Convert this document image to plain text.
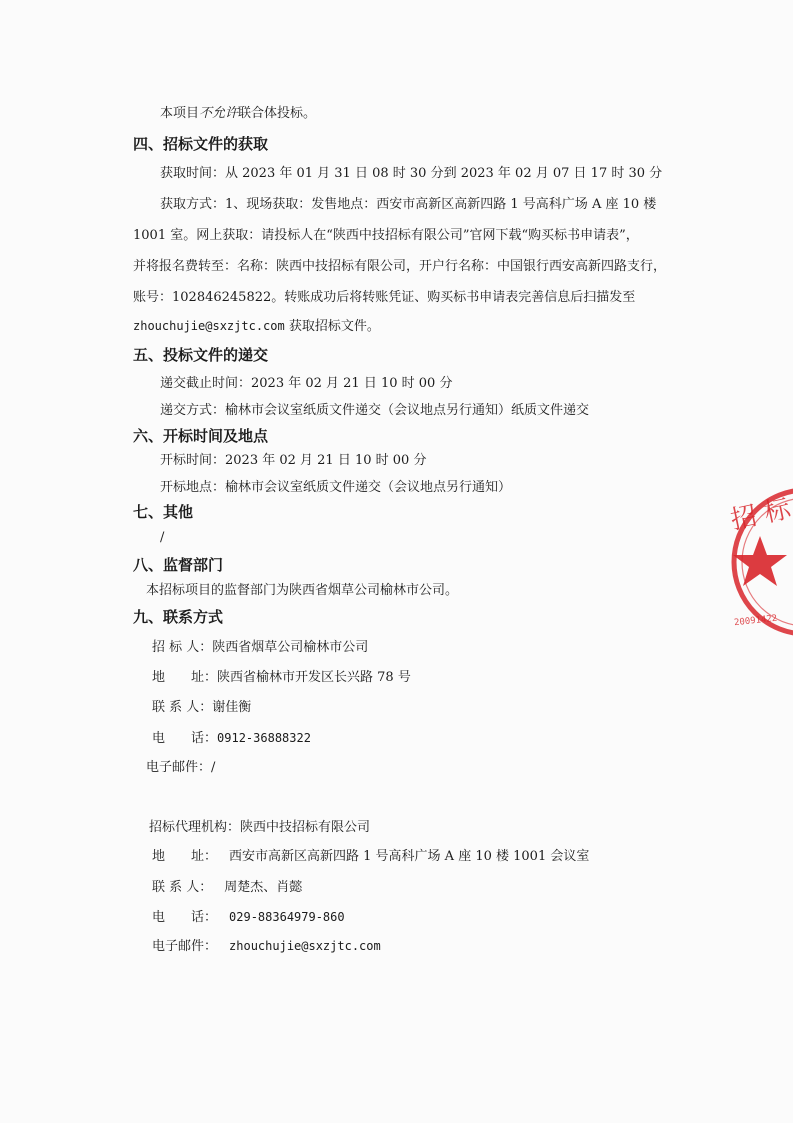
本项目不允许联合体投标。
四、招标文件的获取
获取时间：从 2023 年 01 月 31 日 08 时 30 分到 2023 年 02 月 07 日 17 时 30 分
获取方式：1、现场获取：发售地点：西安市高新区高新四路 1 号高科广场 A 座 10 楼
1001 室。网上获取：请投标人在“陕西中技招标有限公司”官网下载“购买标书申请表”，
并将报名费转至：名称：陕西中技招标有限公司，开户行名称：中国银行西安高新四路支行，
账号：102846245822。转账成功后将转账凭证、购买标书申请表完善信息后扫描发至
zhouchujie@sxzjtc.com 获取招标文件。
五、投标文件的递交
递交截止时间：2023 年 02 月 21 日 10 时 00 分
递交方式：榆林市会议室纸质文件递交（会议地点另行通知）纸质文件递交
六、开标时间及地点
开标时间：2023 年 02 月 21 日 10 时 00 分
开标地点：榆林市会议室纸质文件递交（会议地点另行通知）
七、其他
/
八、监督部门
本招标项目的监督部门为陕西省烟草公司榆林市公司。
九、联系方式
招 标 人：陕西省烟草公司榆林市公司
地　　址：陕西省榆林市开发区长兴路 78 号
联 系 人：谢佳衡
电　　话：0912-36888322
电子邮件：/
招标代理机构：陕西中技招标有限公司
地　　址： 西安市高新区高新四路 1 号高科广场 A 座 10 楼 1001 会议室
联 系 人： 周楚杰、肖懿
电　　话： 029-88364979-860
电子邮件： zhouchujie@sxzjtc.com
招 标
20091422
